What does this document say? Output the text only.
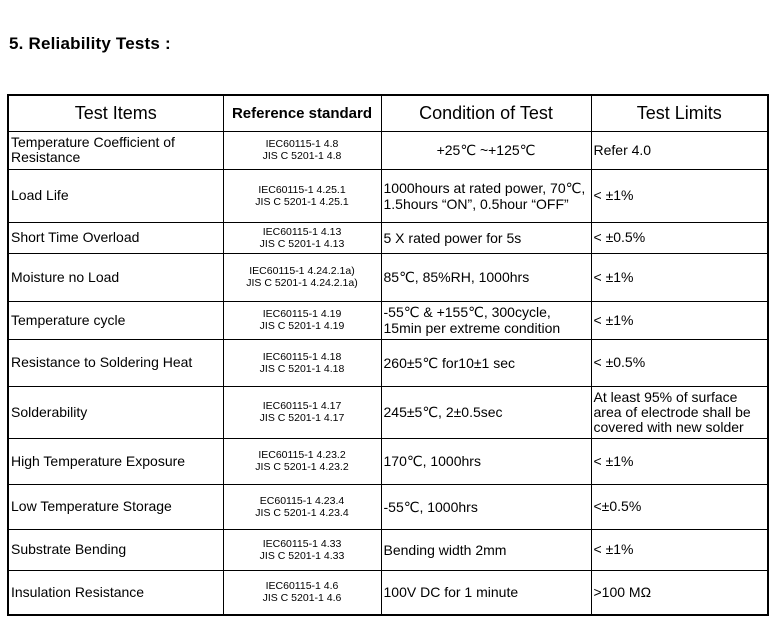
5. Reliability Tests :
Test Items	Reference standard	Condition of Test	Test Limits
Temperature Coefficient of Resistance	IEC60115-1 4.8
JIS C 5201-1 4.8	+25℃ ~+125℃	Refer 4.0
Load Life	IEC60115-1 4.25.1
JIS C 5201-1 4.25.1	1000hours at rated power, 70℃, 1.5hours “ON”, 0.5hour “OFF”	< ±1%
Short Time Overload	IEC60115-1 4.13
JIS C 5201-1 4.13	5 X rated power for 5s	< ±0.5%
Moisture no Load	IEC60115-1 4.24.2.1a)
JIS C 5201-1 4.24.2.1a)	85℃, 85%RH, 1000hrs	< ±1%
Temperature cycle	IEC60115-1 4.19
JIS C 5201-1 4.19	-55℃ & +155℃, 300cycle, 15min per extreme condition	< ±1%
Resistance to Soldering Heat	IEC60115-1 4.18
JIS C 5201-1 4.18	260±5℃ for10±1 sec	< ±0.5%
Solderability	IEC60115-1 4.17
JIS C 5201-1 4.17	245±5℃, 2±0.5sec	At least 95% of surface area of electrode shall be covered with new solder
High Temperature Exposure	IEC60115-1 4.23.2
JIS C 5201-1 4.23.2	170℃, 1000hrs	< ±1%
Low Temperature Storage	EC60115-1 4.23.4
JIS C 5201-1 4.23.4	-55℃, 1000hrs	<±0.5%
Substrate Bending	IEC60115-1 4.33
JIS C 5201-1 4.33	Bending width 2mm	< ±1%
Insulation Resistance	IEC60115-1 4.6
JIS C 5201-1 4.6	100V DC for 1 minute	>100 MΩ
